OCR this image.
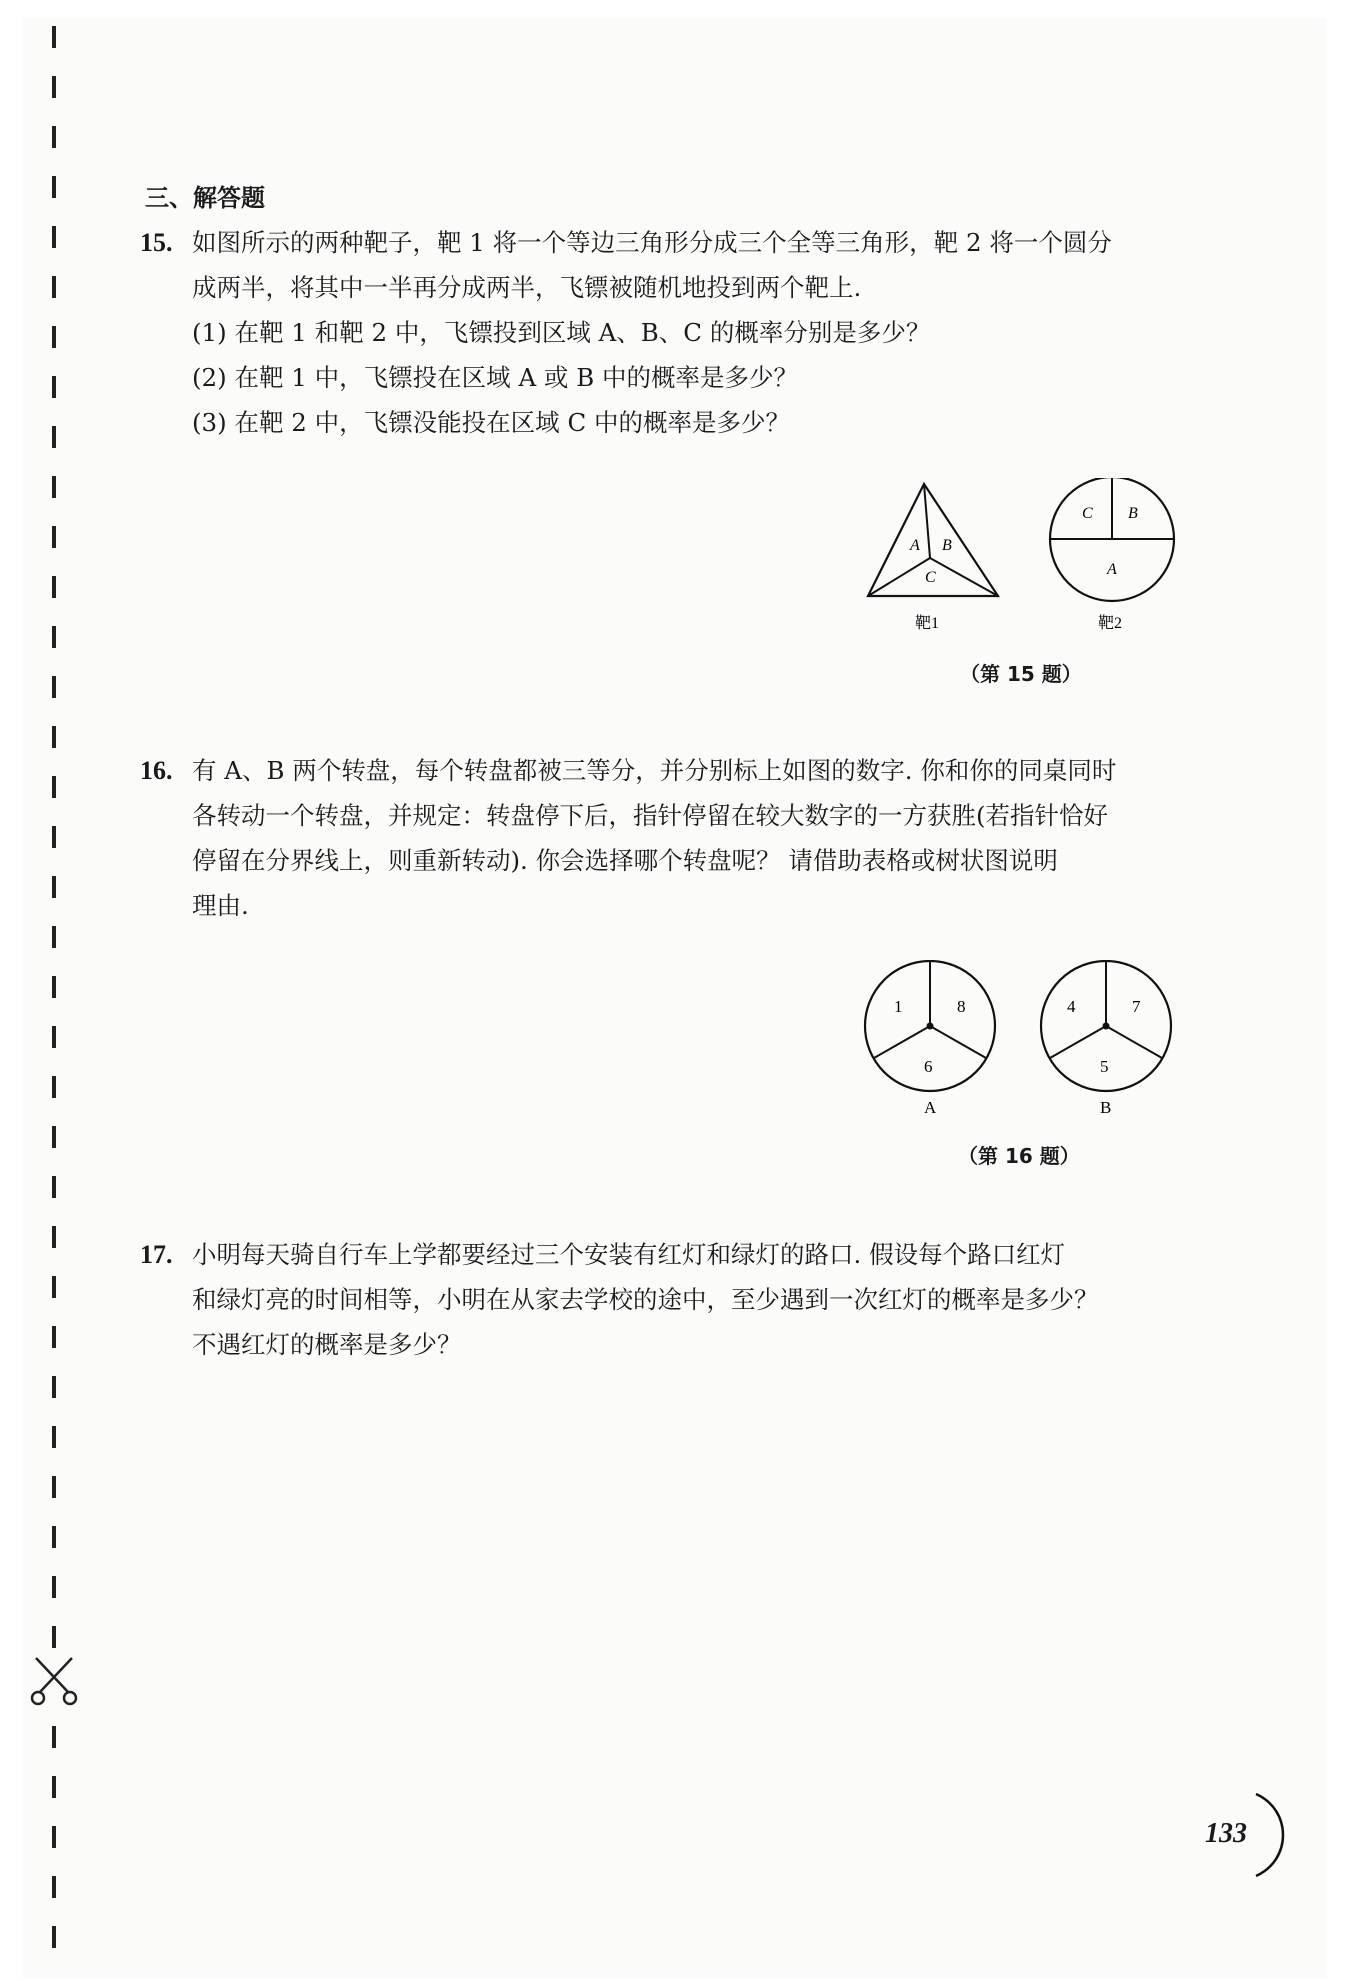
三、解答题
15. 如图所示的两种靶子，靶 1 将一个等边三角形分成三个全等三角形，靶 2 将一个圆分
成两半，将其中一半再分成两半，飞镖被随机地投到两个靶上.
(1) 在靶 1 和靶 2 中，飞镖投到区域 A、B、C 的概率分别是多少？
(2) 在靶 1 中，飞镖投在区域 A 或 B 中的概率是多少？
(3) 在靶 2 中，飞镖没能投在区域 C 中的概率是多少？
A B
C
靶1
C B
A
靶2
（第 15 题）
16. 有 A、B 两个转盘，每个转盘都被三等分，并分别标上如图的数字. 你和你的同桌同时
各转动一个转盘，并规定：转盘停下后，指针停留在较大数字的一方获胜(若指针恰好
停留在分界线上，则重新转动). 你会选择哪个转盘呢？ 请借助表格或树状图说明
理由.
1	8
6
A
4	7
5
B
（第 16 题）
17. 小明每天骑自行车上学都要经过三个安装有红灯和绿灯的路口. 假设每个路口红灯
和绿灯亮的时间相等，小明在从家去学校的途中，至少遇到一次红灯的概率是多少？
不遇红灯的概率是多少？
133
